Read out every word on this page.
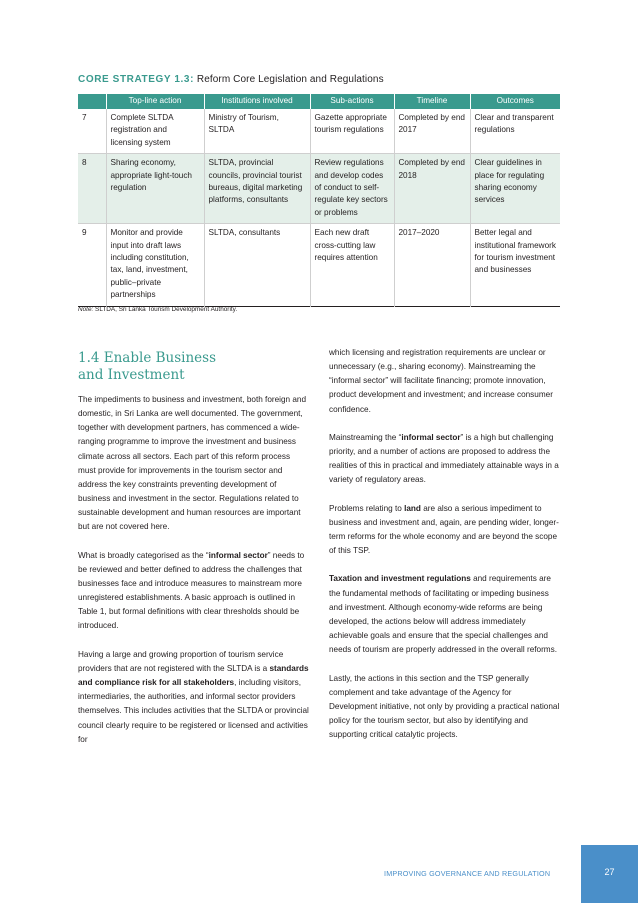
CORE STRATEGY 1.3: Reform Core Legislation and Regulations
	Top-line action	Institutions involved	Sub-actions	Timeline	Outcomes
7	Complete SLTDA registration and licensing system	Ministry of Tourism, SLTDA	Gazette appropriate tourism regulations	Completed by end 2017	Clear and transparent regulations
8	Sharing economy, appropriate light-touch regulation	SLTDA, provincial councils, provincial tourist bureaus, digital marketing platforms, consultants	Review regulations and develop codes of conduct to self-regulate key sectors or problems	Completed by end 2018	Clear guidelines in place for regulating sharing economy services
9	Monitor and provide input into draft laws including constitution, tax, land, investment, public–private partnerships	SLTDA, consultants	Each new draft cross-cutting law requires attention	2017–2020	Better legal and institutional framework for tourism investment and businesses
Note: SLTDA, Sri Lanka Tourism Development Authority.
1.4 Enable Business
and Investment

The impediments to business and investment, both foreign and domestic, in Sri Lanka are well documented. The government, together with development partners, has commenced a wide-ranging programme to improve the investment and business climate across all sectors. Each part of this reform process must provide for improvements in the tourism sector and address the key constraints preventing development of business and investment in the sector. Regulations related to sustainable development and human resources are important but are not covered here.

What is broadly categorised as the “informal sector” needs to be reviewed and better defined to address the challenges that businesses face and introduce measures to mainstream more unregistered establishments. A basic approach is outlined in Table 1, but formal definitions with clear thresholds should be introduced.

Having a large and growing proportion of tourism service providers that are not registered with the SLTDA is a standards and compliance risk for all stakeholders, including visitors, intermediaries, the authorities, and informal sector providers themselves. This includes activities that the SLTDA or provincial council clearly require to be registered or licensed and activities for

which licensing and registration requirements are unclear or unnecessary (e.g., sharing economy). Mainstreaming the “informal sector” will facilitate financing; promote innovation, product development and investment; and increase consumer confidence.

Mainstreaming the “informal sector” is a high but challenging priority, and a number of actions are proposed to address the realities of this in practical and immediately attainable ways in a variety of regulatory areas.

Problems relating to land are also a serious impediment to business and investment and, again, are pending wider, longer-term reforms for the whole economy and are beyond the scope of this TSP.

Taxation and investment regulations and requirements are the fundamental methods of facilitating or impeding business and investment. Although economy-wide reforms are being developed, the actions below will address immediately achievable goals and ensure that the special challenges and needs of tourism are properly addressed in the overall reforms.

Lastly, the actions in this section and the TSP generally complement and take advantage of the Agency for Development initiative, not only by providing a practical national policy for the tourism sector, but also by identifying and supporting critical catalytic projects.

IMPROVING GOVERNANCE AND REGULATION	27
